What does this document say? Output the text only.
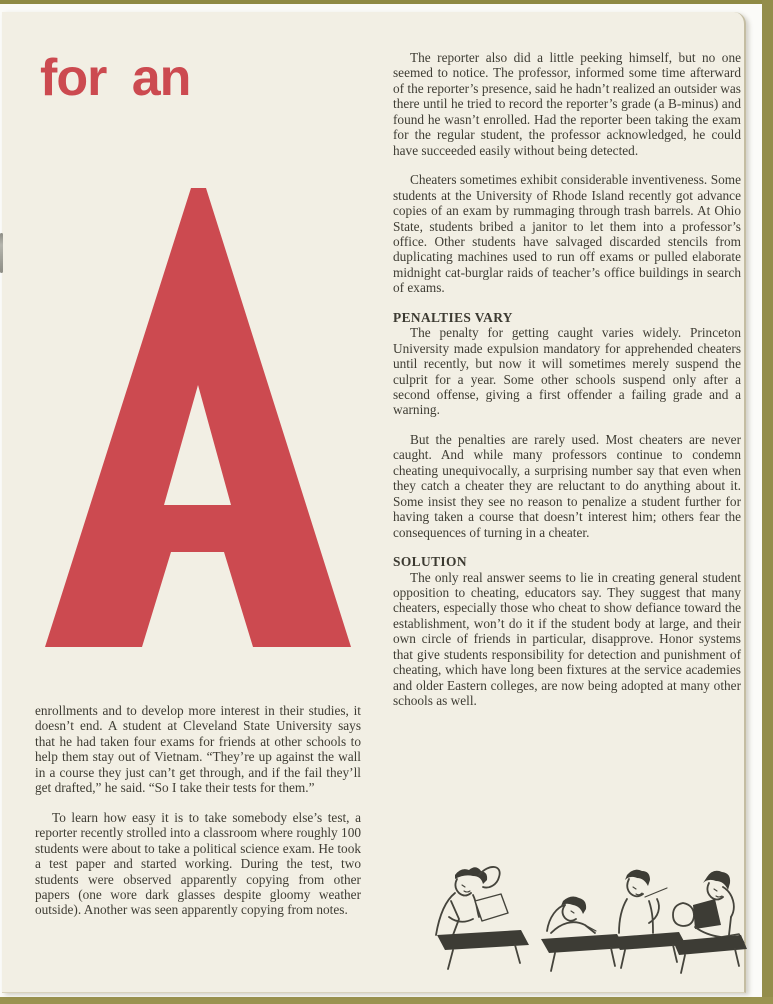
for an

enrollments and to develop more interest in their studies, it doesn’t end. A student at Cleveland State University says that he had taken four exams for friends at other schools to help them stay out of Vietnam. “They’re up against the wall in a course they just can’t get through, and if the fail they’ll get drafted,” he said. “So I take their tests for them.”

To learn how easy it is to take somebody else’s test, a reporter recently strolled into a classroom where roughly 100 students were about to take a political science exam. He took a test paper and started working. During the test, two students were observed apparently copying from other papers (one wore dark glasses despite gloomy weather outside). Another was seen apparently copying from notes.

The reporter also did a little peeking himself, but no one seemed to notice. The professor, informed some time afterward of the reporter’s presence, said he hadn’t realized an outsider was there until he tried to record the reporter’s grade (a B-minus) and found he wasn’t enrolled. Had the reporter been taking the exam for the regular student, the professor acknowledged, he could have succeeded easily without being detected.

Cheaters sometimes exhibit considerable inventiveness. Some students at the University of Rhode Island recently got advance copies of an exam by rummaging through trash barrels. At Ohio State, students bribed a janitor to let them into a professor’s office. Other students have salvaged discarded stencils from duplicating machines used to run off exams or pulled elaborate midnight cat-burglar raids of teacher’s office buildings in search of exams.

PENALTIES VARY

The penalty for getting caught varies widely. Princeton University made expulsion mandatory for apprehended cheaters until recently, but now it will sometimes merely suspend the culprit for a year. Some other schools suspend only after a second offense, giving a first offender a failing grade and a warning.

But the penalties are rarely used. Most cheaters are never caught. And while many professors continue to condemn cheating unequivocally, a surprising number say that even when they catch a cheater they are reluctant to do anything about it. Some insist they see no reason to penalize a student further for having taken a course that doesn’t interest him; others fear the consequences of turning in a cheater.

SOLUTION

The only real answer seems to lie in creating general student opposition to cheating, educators say. They suggest that many cheaters, especially those who cheat to show defiance toward the establishment, won’t do it if the student body at large, and their own circle of friends in particular, disapprove. Honor systems that give students responsibility for detection and punishment of cheating, which have long been fixtures at the service academies and older Eastern colleges, are now being adopted at many other schools as well.
